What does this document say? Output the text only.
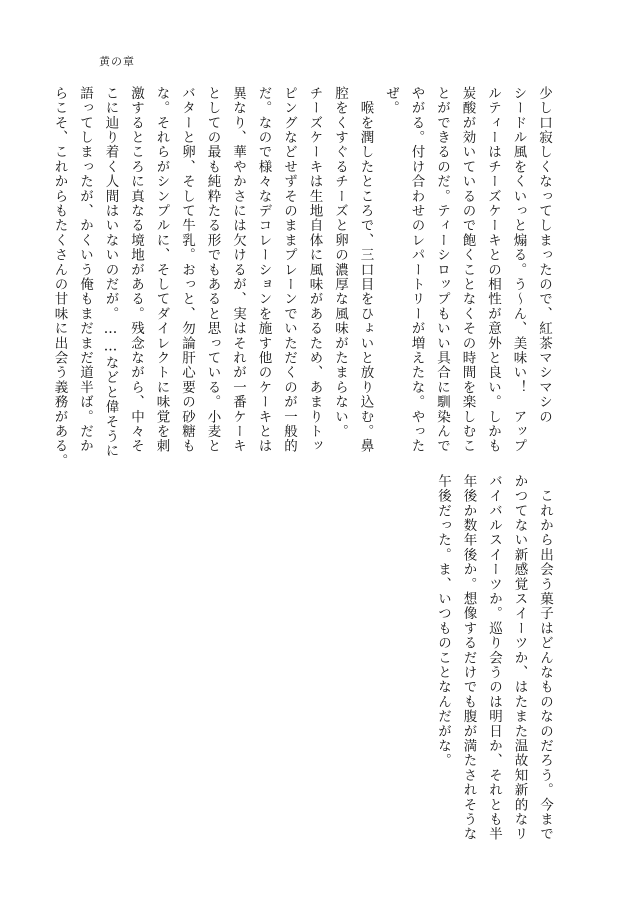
黄の章

少し口寂しくなってしまったので、紅茶マシマシの

シードル風をくいっと煽る。う〜ん、美味い！　アップ

ルティーはチーズケーキとの相性が意外と良い。しかも

炭酸が効いているので飽くことなくその時間を楽しむこ

とができるのだ。ティーシロップもいい具合に馴染んで

やがる。付け合わせのレパートリーが増えたな。やった

ぜ。

　喉を潤したところで、三口目をひょいと放り込む。鼻

腔をくすぐるチーズと卵の濃厚な風味がたまらない。

チーズケーキは生地自体に風味があるため、あまりトッ

ピングなどせずそのままプレーンでいただくのが一般的

だ。なので様々なデコレーションを施す他のケーキとは

異なり、華やかさには欠けるが、実はそれが一番ケーキ

としての最も純粋たる形でもあると思っている。小麦と

バターと卵、そして牛乳。おっと、勿論肝心要の砂糖も

な。それらがシンプルに、そしてダイレクトに味覚を刺

激するところに真なる境地がある。残念ながら、中々そ

こに辿り着く人間はいないのだが。……などと偉そうに

語ってしまったが、かくいう俺もまだまだ道半ば。だか

らこそ、これからもたくさんの甘味に出会う義務がある。

　これから出会う菓子はどんなものなのだろう。今まで

かつてない新感覚スイーツか、はたまた温故知新的なリ

バイバルスイーツか。巡り会うのは明日か、それとも半

年後か数年後か。想像するだけでも腹が満たされそうな

午後だった。ま、いつものことなんだがな。
